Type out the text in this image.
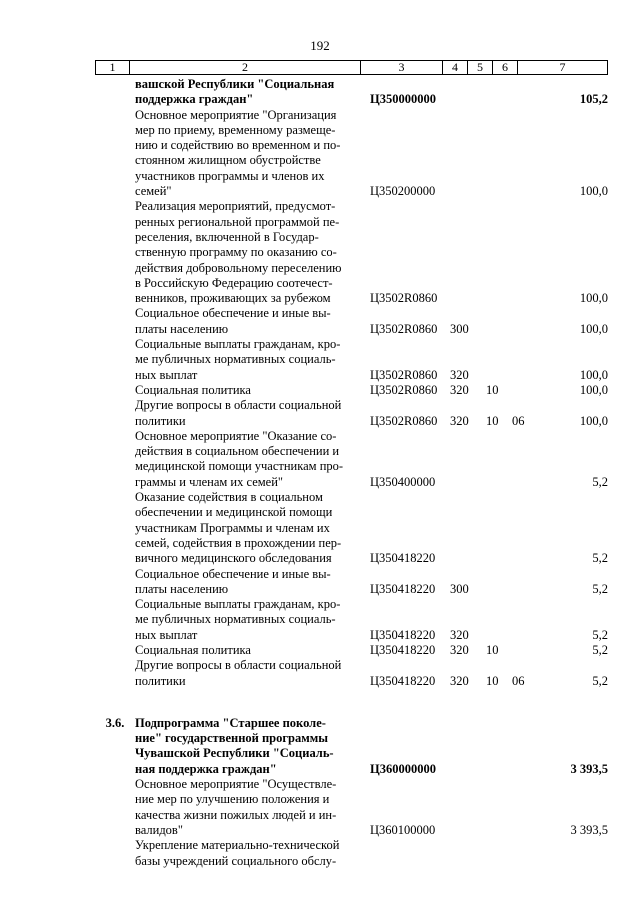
192
1	2	3	4	5	6	7
вашской Республики "Социальная
поддержка граждан"	Ц350000000	105,2
Основное мероприятие "Организация
мер по приему, временному размеще-
нию и содействию во временном и по-
стоянном жилищном обустройстве
участников программы и членов их
семей"	Ц350200000	100,0
Реализация мероприятий, предусмот-
ренных региональной программой пе-
реселения, включенной в Государ-
ственную программу по оказанию со-
действия добровольному переселению
в Российскую Федерацию соотечест-
венников, проживающих за рубежом	Ц3502R0860	100,0
Социальное обеспечение и иные вы-
платы населению	Ц3502R0860 300	100,0
Социальные выплаты гражданам, кро-
ме публичных нормативных социаль-
ных выплат	Ц3502R0860 320	100,0
Социальная политика	Ц3502R0860 320 10	100,0
Другие вопросы в области социальной
политики	Ц3502R0860 320 10 06	100,0
Основное мероприятие "Оказание со-
действия в социальном обеспечении и
медицинской помощи участникам про-
граммы и членам их семей"	Ц350400000	5,2
Оказание содействия в социальном
обеспечении и медицинской помощи
участникам Программы и членам их
семей, содействия в прохождении пер-
вичного медицинского обследования	Ц350418220	5,2
Социальное обеспечение и иные вы-
платы населению	Ц350418220 300	5,2
Социальные выплаты гражданам, кро-
ме публичных нормативных социаль-
ных выплат	Ц350418220 320	5,2
Социальная политика	Ц350418220 320 10	5,2
Другие вопросы в области социальной
политики	Ц350418220 320 10 06	5,2
3.6. Подпрограмма "Старшее поколе-
ние" государственной программы
Чувашской Республики "Социаль-
ная поддержка граждан"	Ц360000000	3 393,5
Основное мероприятие "Осуществле-
ние мер по улучшению положения и
качества жизни пожилых людей и ин-
валидов"	Ц360100000	3 393,5
Укрепление материально-технической
базы учреждений социального обслу-
